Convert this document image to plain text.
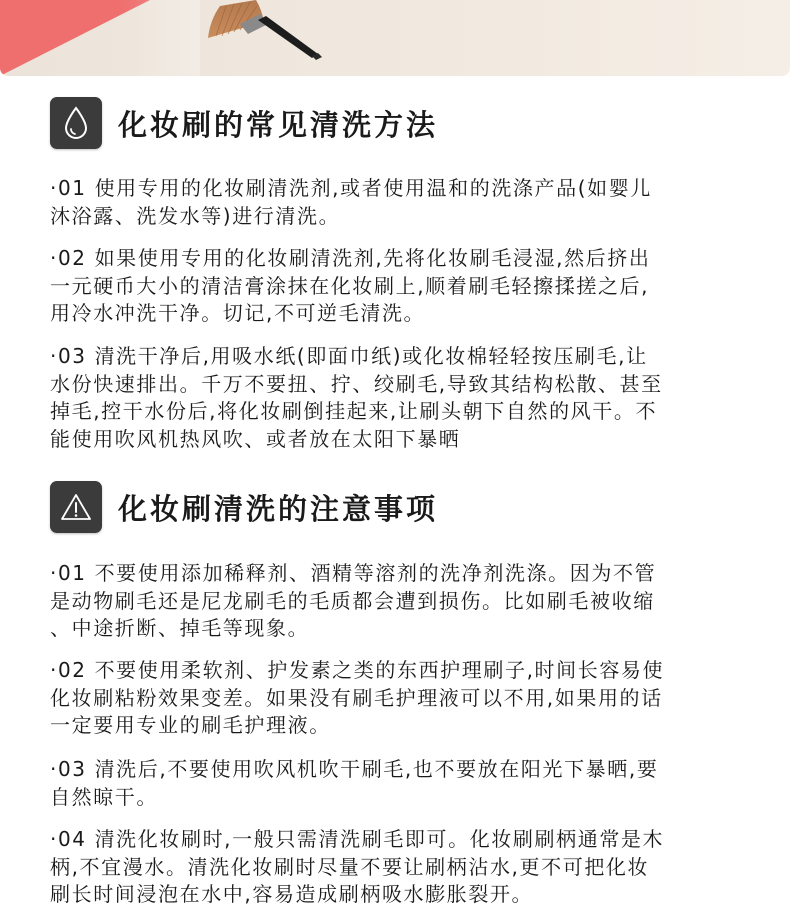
化妆刷的常见清洗方法

·01 使用专用的化妆刷清洗剂,或者使用温和的洗涤产品(如婴儿

沐浴露、洗发水等)进行清洗。

·02 如果使用专用的化妆刷清洗剂,先将化妆刷毛浸湿,然后挤出

一元硬币大小的清洁膏涂抹在化妆刷上,顺着刷毛轻擦揉搓之后,

用冷水冲洗干净。切记,不可逆毛清洗。

·03 清洗干净后,用吸水纸(即面巾纸)或化妆棉轻轻按压刷毛,让

水份快速排出。千万不要扭、拧、绞刷毛,导致其结构松散、甚至

掉毛,控干水份后,将化妆刷倒挂起来,让刷头朝下自然的风干。不

能使用吹风机热风吹、或者放在太阳下暴晒

化妆刷清洗的注意事项

·01 不要使用添加稀释剂、酒精等溶剂的洗净剂洗涤。因为不管

是动物刷毛还是尼龙刷毛的毛质都会遭到损伤。比如刷毛被收缩

、中途折断、掉毛等现象。

·02 不要使用柔软剂、护发素之类的东西护理刷子,时间长容易使

化妆刷粘粉效果变差。如果没有刷毛护理液可以不用,如果用的话

一定要用专业的刷毛护理液。

·03 清洗后,不要使用吹风机吹干刷毛,也不要放在阳光下暴晒,要

自然晾干。

·04 清洗化妆刷时,一般只需清洗刷毛即可。化妆刷刷柄通常是木

柄,不宜漫水。清洗化妆刷时尽量不要让刷柄沾水,更不可把化妆

刷长时间浸泡在水中,容易造成刷柄吸水膨胀裂开。
